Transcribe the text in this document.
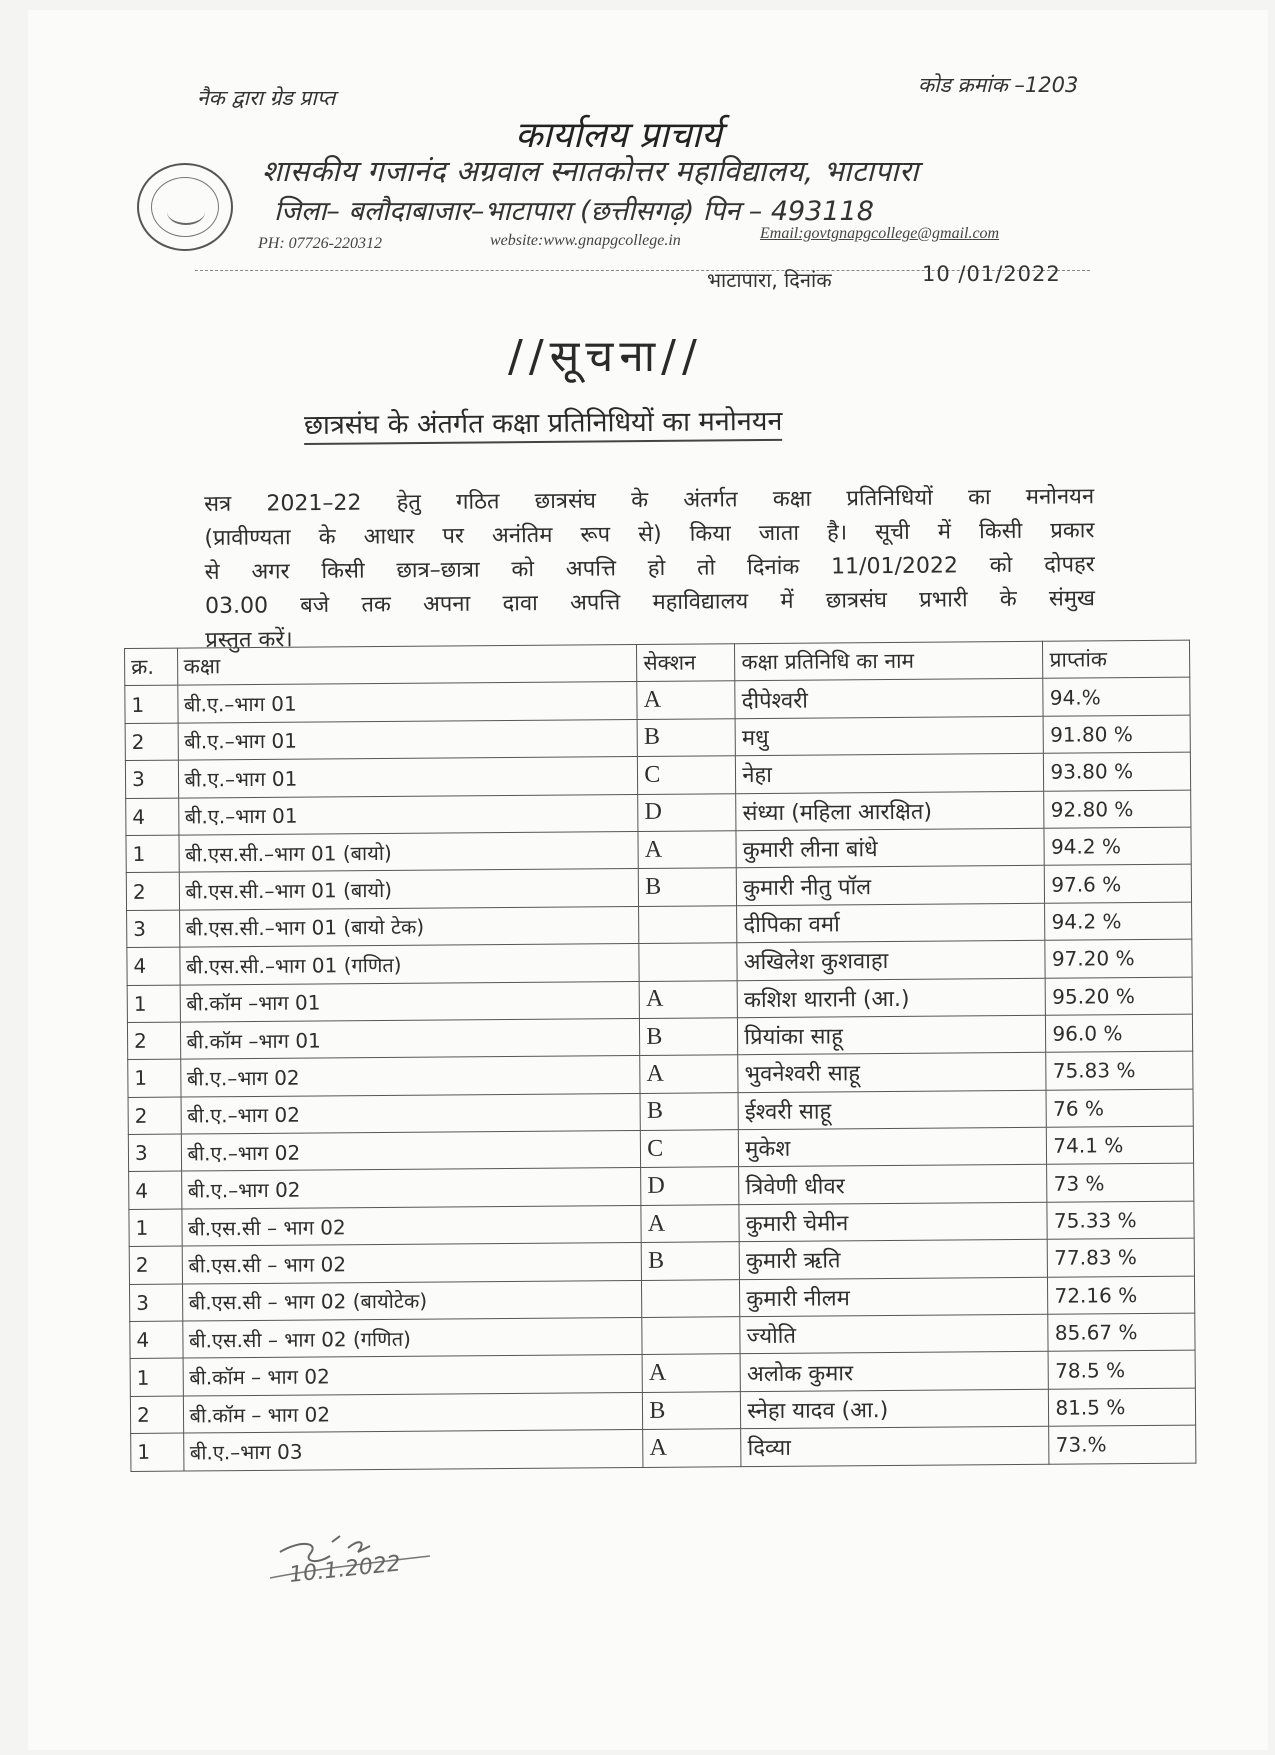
नैक द्वारा ग्रेड प्राप्त
कोड क्रमांक –1203
कार्यालय प्राचार्य
शासकीय गजानंद अग्रवाल स्नातकोत्तर महाविद्यालय, भाटापारा
जिला– बलौदाबाजार–भाटापारा (छत्तीसगढ़) पिन – 493118
PH: 07726-220312	website:www.gnapgcollege.in	Email:govtgnapgcollege@gmail.com
भाटापारा, दिनांक	10 /01/2022
//सूचना//
छात्रसंघ के अंतर्गत कक्षा प्रतिनिधियों का मनोनयन
सत्र 2021–22 हेतु गठित छात्रसंघ के अंतर्गत कक्षा प्रतिनिधियों का मनोनयन
(प्रावीण्यता के आधार पर अनंतिम रूप से) किया जाता है। सूची में किसी प्रकार
से अगर किसी छात्र–छात्रा को अपत्ति हो तो दिनांक 11/01/2022 को दोपहर
03.00 बजे तक अपना दावा अपत्ति महाविद्यालय में छात्रसंघ प्रभारी के संमुख
प्रस्तुत करें।
क्र.	कक्षा	सेक्शन	कक्षा प्रतिनिधि का नाम	प्राप्तांक
1	बी.ए.–भाग 01	A	दीपेश्वरी	94.%
2	बी.ए.–भाग 01	B	मधु	91.80 %
3	बी.ए.–भाग 01	C	नेहा	93.80 %
4	बी.ए.–भाग 01	D	संध्या (महिला आरक्षित)	92.80 %
1	बी.एस.सी.–भाग 01 (बायो)	A	कुमारी लीना बांधे	94.2 %
2	बी.एस.सी.–भाग 01 (बायो)	B	कुमारी नीतु पॉल	97.6 %
3	बी.एस.सी.–भाग 01 (बायो टेक)		दीपिका वर्मा	94.2 %
4	बी.एस.सी.–भाग 01 (गणित)		अखिलेश कुशवाहा	97.20 %
1	बी.कॉम –भाग 01	A	कशिश थारानी (आ.)	95.20 %
2	बी.कॉम –भाग 01	B	प्रियांका साहू	96.0 %
1	बी.ए.–भाग 02	A	भुवनेश्वरी साहू	75.83 %
2	बी.ए.–भाग 02	B	ईश्वरी साहू	76 %
3	बी.ए.–भाग 02	C	मुकेश	74.1 %
4	बी.ए.–भाग 02	D	त्रिवेणी धीवर	73 %
1	बी.एस.सी – भाग 02	A	कुमारी चेमीन	75.33 %
2	बी.एस.सी – भाग 02	B	कुमारी ऋति	77.83 %
3	बी.एस.सी – भाग 02 (बायोटेक)		कुमारी नीलम	72.16 %
4	बी.एस.सी – भाग 02 (गणित)		ज्योति	85.67 %
1	बी.कॉम – भाग 02	A	अलोक कुमार	78.5 %
2	बी.कॉम – भाग 02	B	स्नेहा यादव (आ.)	81.5 %
1	बी.ए.–भाग 03	A	दिव्या	73.%
10.1.2022
